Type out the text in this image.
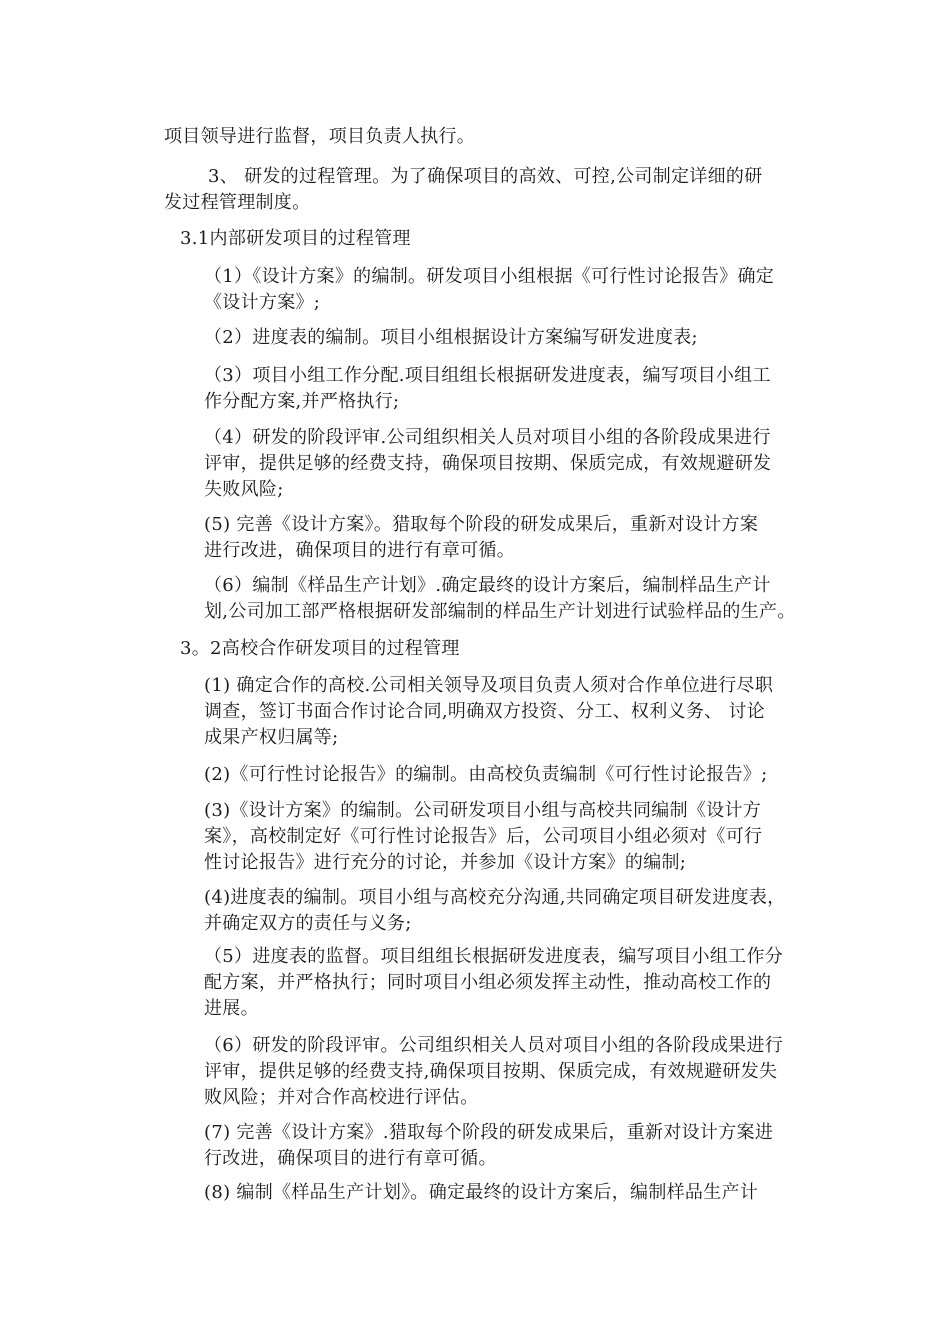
项目领导进行监督，项目负责人执行。

3、 研发的过程管理。为了确保项目的高效、可控,公司制定详细的研
发过程管理制度。

3.1内部研发项目的过程管理

（1）《设计方案》的编制。研发项目小组根据《可行性讨论报告》确定
《设计方案》;

（2）进度表的编制。项目小组根据设计方案编写研发进度表;

（3）项目小组工作分配.项目组组长根据研发进度表，编写项目小组工
作分配方案,并严格执行;

（4）研发的阶段评审.公司组织相关人员对项目小组的各阶段成果进行
评审，提供足够的经费支持，确保项目按期、保质完成，有效规避研发
失败风险;

(5) 完善《设计方案》。猎取每个阶段的研发成果后，重新对设计方案
进行改进，确保项目的进行有章可循。

（6）编制《样品生产计划》.确定最终的设计方案后，编制样品生产计
划,公司加工部严格根据研发部编制的样品生产计划进行试验样品的生产。

3。2高校合作研发项目的过程管理

(1) 确定合作的高校.公司相关领导及项目负责人须对合作单位进行尽职
调查，签订书面合作讨论合同,明确双方投资、分工、权利义务、 讨论
成果产权归属等;

(2)《可行性讨论报告》的编制。由高校负责编制《可行性讨论报告》;

(3)《设计方案》的编制。公司研发项目小组与高校共同编制《设计方
案》，高校制定好《可行性讨论报告》后，公司项目小组必须对《可行
性讨论报告》进行充分的讨论，并参加《设计方案》的编制;

(4)进度表的编制。项目小组与高校充分沟通,共同确定项目研发进度表，
并确定双方的责任与义务;

（5）进度表的监督。项目组组长根据研发进度表，编写项目小组工作分
配方案，并严格执行；同时项目小组必须发挥主动性，推动高校工作的
进展。

（6）研发的阶段评审。公司组织相关人员对项目小组的各阶段成果进行
评审，提供足够的经费支持,确保项目按期、保质完成，有效规避研发失
败风险；并对合作高校进行评估。

(7) 完善《设计方案》.猎取每个阶段的研发成果后，重新对设计方案进
行改进，确保项目的进行有章可循。

(8) 编制《样品生产计划》。确定最终的设计方案后，编制样品生产计
